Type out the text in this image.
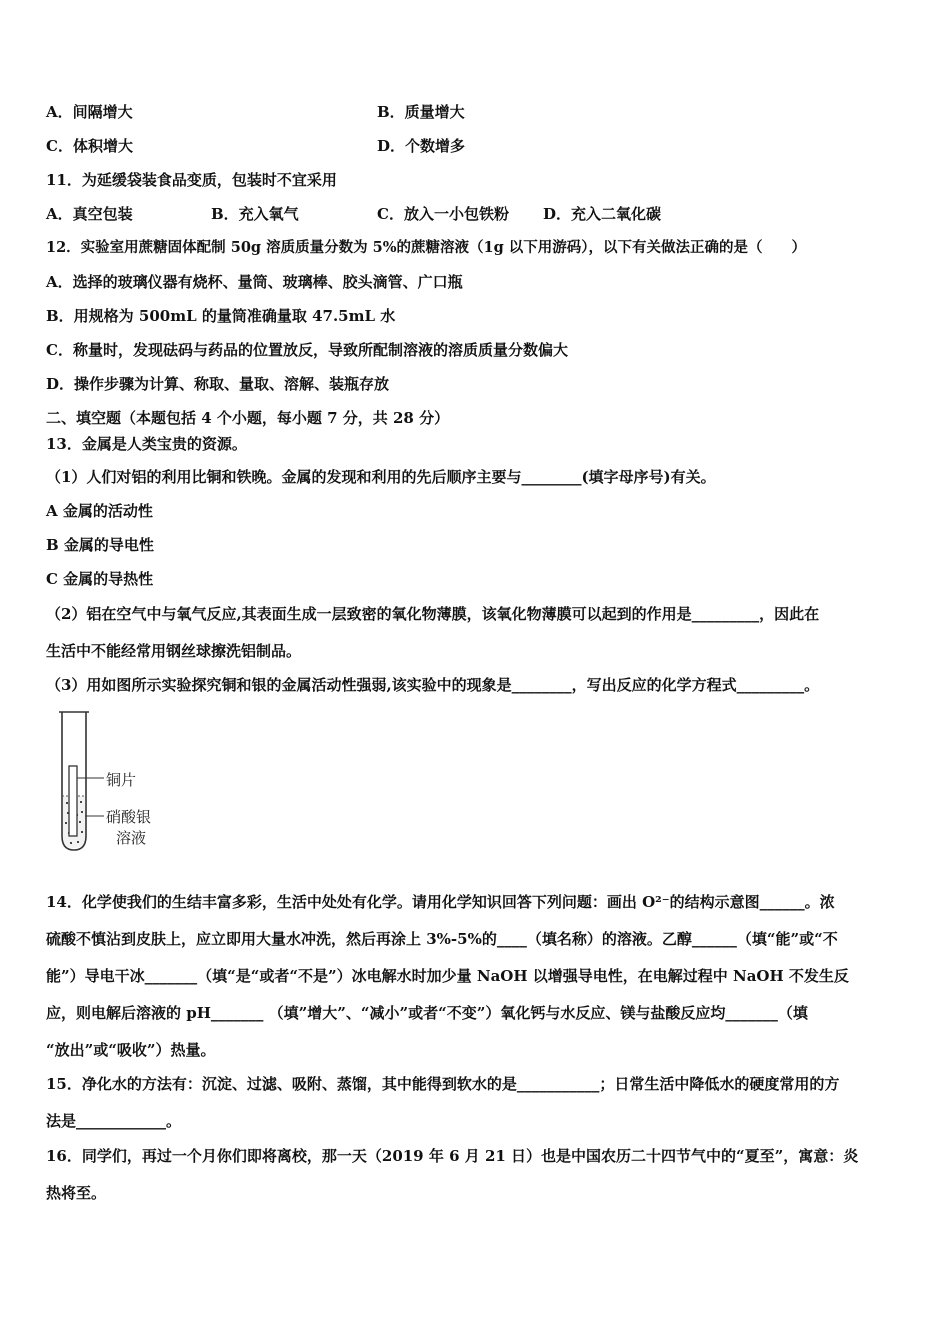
A．间隔增大	B．质量增大
C．体积增大	D．个数增多
11．为延缓袋装食品变质，包装时不宜采用
A．真空包装	B．充入氧气	C．放入一小包铁粉 D．充入二氧化碳
12．实验室用蔗糖固体配制 50g 溶质质量分数为 5%的蔗糖溶液（1g 以下用游码），以下有关做法正确的是（　　）
A．选择的玻璃仪器有烧杯、量筒、玻璃棒、胶头滴管、广口瓶
B．用规格为 500mL 的量筒准确量取 47.5mL 水
C．称量时，发现砝码与药品的位置放反，导致所配制溶液的溶质质量分数偏大
D．操作步骤为计算、称取、量取、溶解、装瓶存放
二、填空题（本题包括 4 个小题，每小题 7 分，共 28 分）
13．金属是人类宝贵的资源。
（1）人们对铝的利用比铜和铁晚。金属的发现和利用的先后顺序主要与________(填字母序号)有关。
A 金属的活动性
B 金属的导电性
C 金属的导热性
（2）铝在空气中与氧气反应,其表面生成一层致密的氧化物薄膜，该氧化物薄膜可以起到的作用是_________，因此在
生活中不能经常用钢丝球擦洗铝制品。
（3）用如图所示实验探究铜和银的金属活动性强弱,该实验中的现象是________，写出反应的化学方程式_________。
铜片
硝酸银
溶液
14．化学使我们的生结丰富多彩，生活中处处有化学。请用化学知识回答下列问题：画出 O²⁻的结构示意图______。浓
硫酸不慎沾到皮肤上，应立即用大量水冲洗，然后再涂上 3%-5%的____（填名称）的溶液。乙醇______（填“能”或“不
能”）导电干冰_______（填“是“或者“不是”）冰电解水时加少量 NaOH 以增强导电性，在电解过程中 NaOH 不发生反
应，则电解后溶液的 pH_______ （填”增大”、“减小”或者“不变”）氧化钙与水反应、镁与盐酸反应均_______（填
“放出”或“吸收”）热量。
15．净化水的方法有：沉淀、过滤、吸附、蒸馏，其中能得到软水的是___________；日常生活中降低水的硬度常用的方
法是____________。
16．同学们，再过一个月你们即将离校，那一天（2019 年 6 月 21 日）也是中国农历二十四节气中的“夏至”，寓意：炎
热将至。
